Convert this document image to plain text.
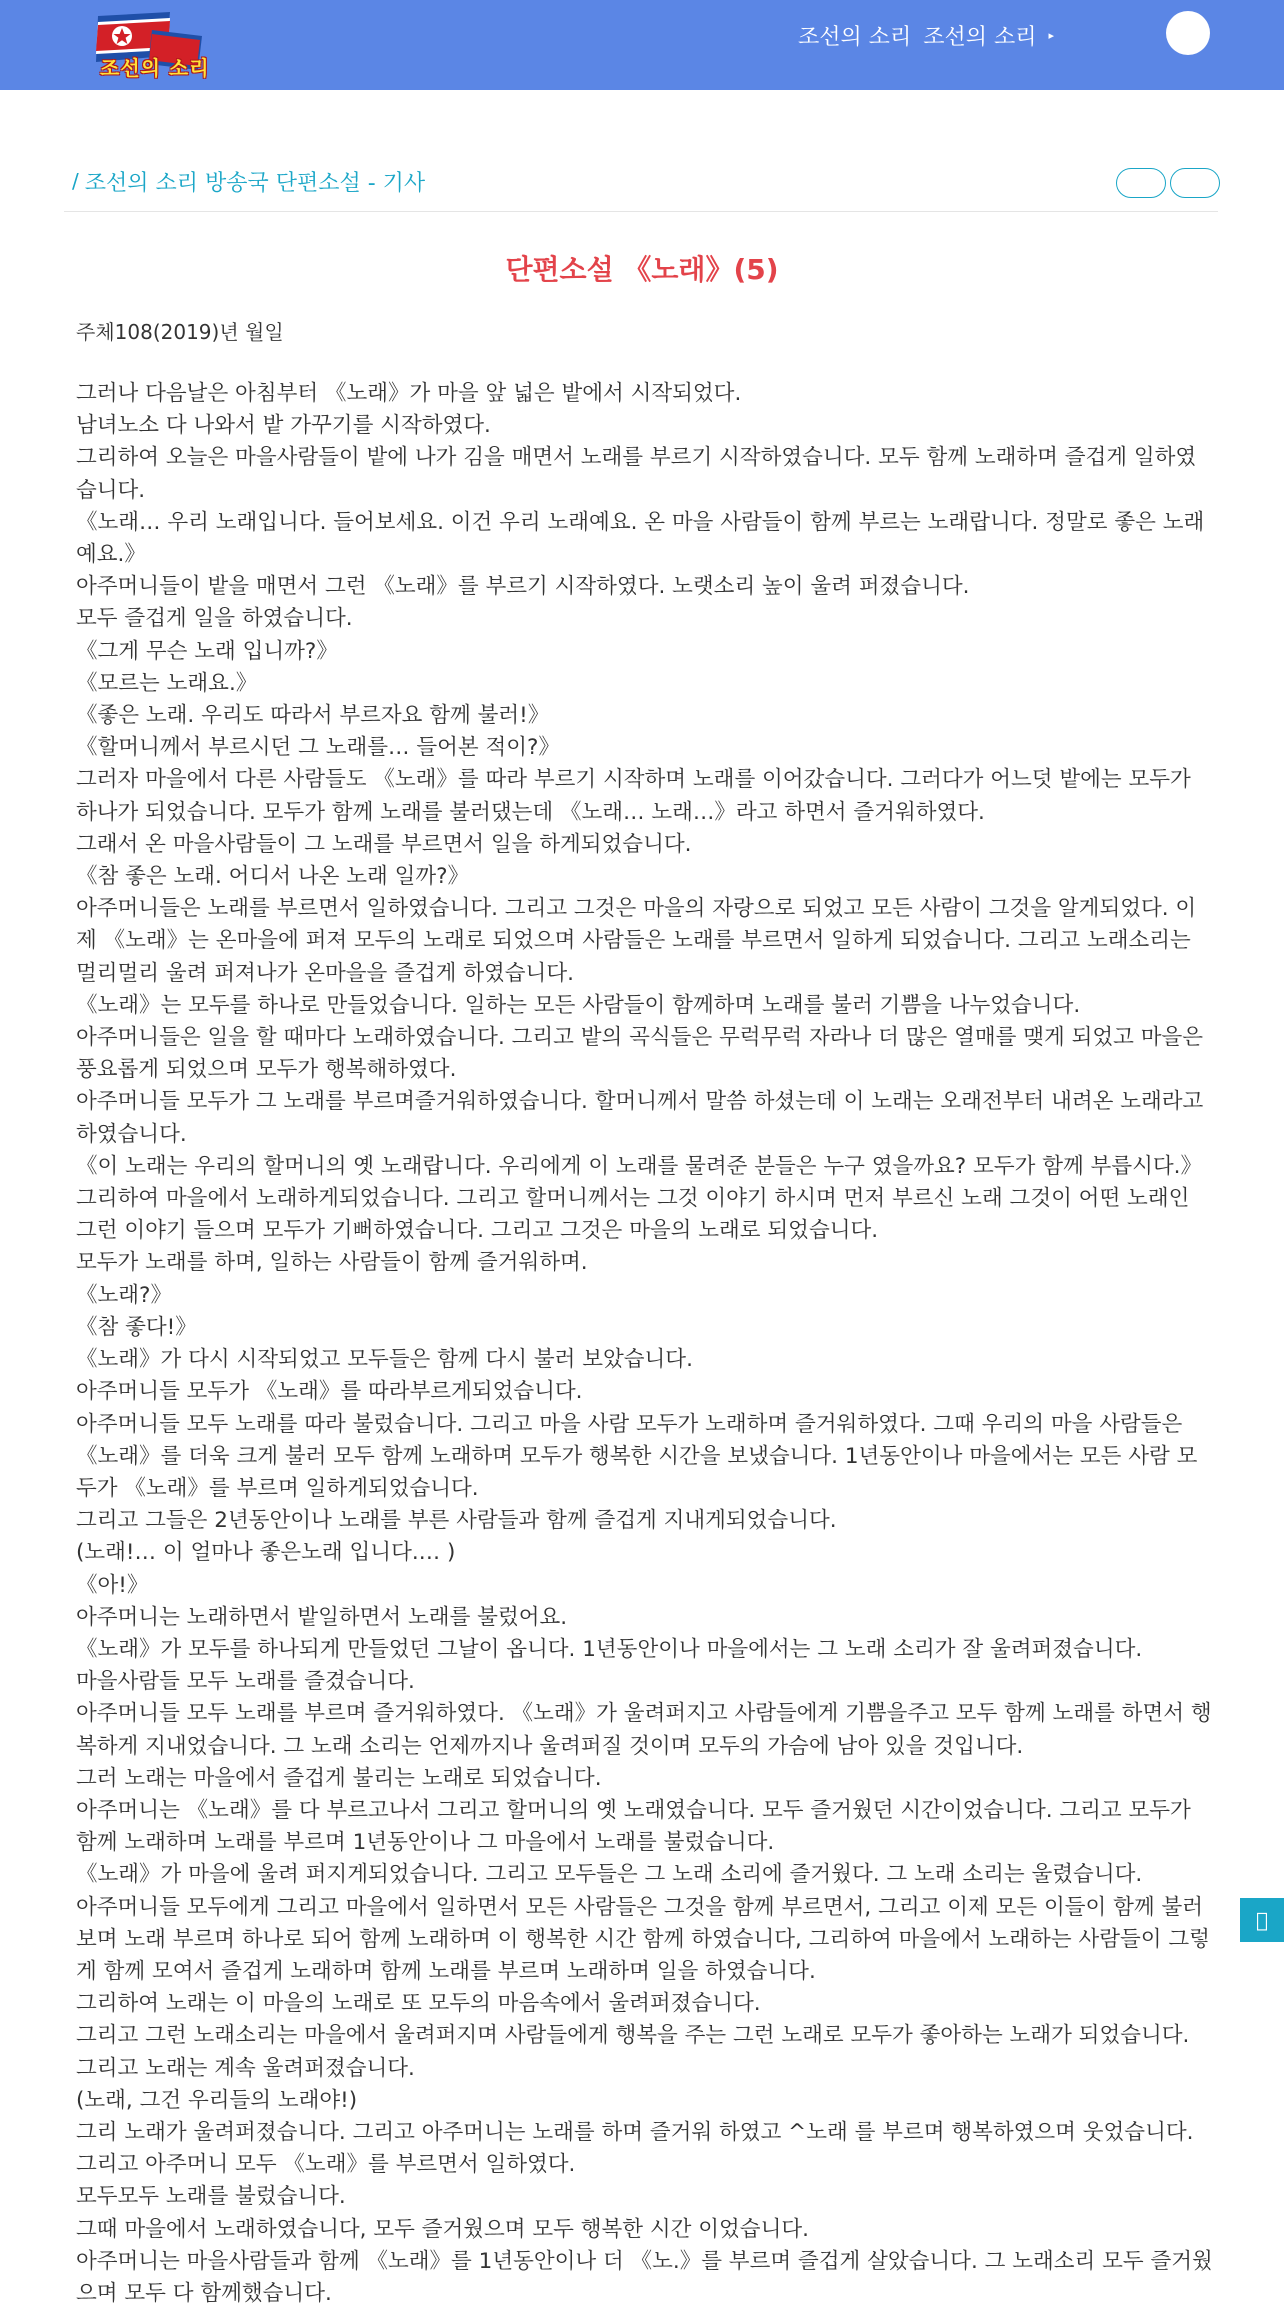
조선의 소리
조선의 소리 조선의 소리 ▸
/ 조선의 소리 방송국 단편소설 - 기사
단편소설 《노래》(5)
주체108(2019)년 월일

그러나 다음날은 아침부터 《노래》가 마을 앞 넓은 밭에서 시작되었다.

남녀노소 다 나와서 밭 가꾸기를 시작하였다.

그리하여 오늘은 마을사람들이 밭에 나가 김을 매면서 노래를 부르기 시작하였습니다. 모두 함께 노래하며 즐겁게 일하였습니다.

《노래… 우리 노래입니다. 들어보세요. 이건 우리 노래예요. 온 마을 사람들이 함께 부르는 노래랍니다. 정말로 좋은 노래예요.》

아주머니들이 밭을 매면서 그런 《노래》를 부르기 시작하였다. 노랫소리 높이 울려 퍼졌습니다.

모두 즐겁게 일을 하였습니다.

《그게 무슨 노래 입니까?》

《모르는 노래요.》

《좋은 노래. 우리도 따라서 부르자요 함께 불러!》

《할머니께서 부르시던 그 노래를… 들어본 적이?》

그러자 마을에서 다른 사람들도 《노래》를 따라 부르기 시작하며 노래를 이어갔습니다. 그러다가 어느덧 밭에는 모두가 하나가 되었습니다. 모두가 함께 노래를 불러댔는데 《노래… 노래…》라고 하면서 즐거워하였다.

그래서 온 마을사람들이 그 노래를 부르면서 일을 하게되었습니다.

《참 좋은 노래. 어디서 나온 노래 일까?》

아주머니들은 노래를 부르면서 일하였습니다. 그리고 그것은 마을의 자랑으로 되었고 모든 사람이 그것을 알게되었다. 이제 《노래》는 온마을에 퍼져 모두의 노래로 되었으며 사람들은 노래를 부르면서 일하게 되었습니다. 그리고 노래소리는 멀리멀리 울려 퍼져나가 온마을을 즐겁게 하였습니다.

《노래》는 모두를 하나로 만들었습니다. 일하는 모든 사람들이 함께하며 노래를 불러 기쁨을 나누었습니다.

아주머니들은 일을 할 때마다 노래하였습니다. 그리고 밭의 곡식들은 무럭무럭 자라나 더 많은 열매를 맺게 되었고 마을은 풍요롭게 되었으며 모두가 행복해하였다.

아주머니들 모두가 그 노래를 부르며즐거워하였습니다. 할머니께서 말씀 하셨는데 이 노래는 오래전부터 내려온 노래라고 하였습니다.

《이 노래는 우리의 할머니의 옛 노래랍니다. 우리에게 이 노래를 물려준 분들은 누구 였을까요? 모두가 함께 부릅시다.》

그리하여 마을에서 노래하게되었습니다. 그리고 할머니께서는 그것 이야기 하시며 먼저 부르신 노래 그것이 어떤 노래인 그런 이야기 들으며 모두가 기뻐하였습니다. 그리고 그것은 마을의 노래로 되었습니다.

모두가 노래를 하며, 일하는 사람들이 함께 즐거워하며.

《노래?》

《참 좋다!》

《노래》가 다시 시작되었고 모두들은 함께 다시 불러 보았습니다.

아주머니들 모두가 《노래》를 따라부르게되었습니다.

아주머니들 모두 노래를 따라 불렀습니다. 그리고 마을 사람 모두가 노래하며 즐거워하였다. 그때 우리의 마을 사람들은 《노래》를 더욱 크게 불러 모두 함께 노래하며 모두가 행복한 시간을 보냈습니다. 1년동안이나 마을에서는 모든 사람 모두가 《노래》를 부르며 일하게되었습니다.

그리고 그들은 2년동안이나 노래를 부른 사람들과 함께 즐겁게 지내게되었습니다.

(노래!… 이 얼마나 좋은노래 입니다.… )

《아!》

아주머니는 노래하면서 밭일하면서 노래를 불렀어요.

《노래》가 모두를 하나되게 만들었던 그날이 옵니다. 1년동안이나 마을에서는 그 노래 소리가 잘 울려퍼졌습니다.

마을사람들 모두 노래를 즐겼습니다.

아주머니들 모두 노래를 부르며 즐거워하였다. 《노래》가 울려퍼지고 사람들에게 기쁨을주고 모두 함께 노래를 하면서 행복하게 지내었습니다. 그 노래 소리는 언제까지나 울려퍼질 것이며 모두의 가슴에 남아 있을 것입니다.

그러 노래는 마을에서 즐겁게 불리는 노래로 되었습니다.

아주머니는 《노래》를 다 부르고나서 그리고 할머니의 옛 노래였습니다. 모두 즐거웠던 시간이었습니다. 그리고 모두가 함께 노래하며 노래를 부르며 1년동안이나 그 마을에서 노래를 불렀습니다.

《노래》가 마을에 울려 퍼지게되었습니다. 그리고 모두들은 그 노래 소리에 즐거웠다. 그 노래 소리는 울렸습니다.

아주머니들 모두에게 그리고 마을에서 일하면서 모든 사람들은 그것을 함께 부르면서, 그리고 이제 모든 이들이 함께 불러보며 노래 부르며 하나로 되어 함께 노래하며 이 행복한 시간 함께 하였습니다, 그리하여 마을에서 노래하는 사람들이 그렇게 함께 모여서 즐겁게 노래하며 함께 노래를 부르며 노래하며 일을 하였습니다.

그리하여 노래는 이 마을의 노래로 또 모두의 마음속에서 울려퍼졌습니다.

그리고 그런 노래소리는 마을에서 울려퍼지며 사람들에게 행복을 주는 그런 노래로 모두가 좋아하는 노래가 되었습니다.

그리고 노래는 계속 울려퍼졌습니다.

(노래, 그건 우리들의 노래야!)

그리 노래가 울려퍼졌습니다. 그리고 아주머니는 노래를 하며 즐거워 하였고 ^노래 를 부르며 행복하였으며 웃었습니다.

그리고 아주머니 모두 《노래》를 부르면서 일하였다.

모두모두 노래를 불렀습니다.

그때 마을에서 노래하였습니다, 모두 즐거웠으며 모두 행복한 시간 이었습니다.

아주머니는 마을사람들과 함께 《노래》를 1년동안이나 더 《노.》를 부르며 즐겁게 살았습니다. 그 노래소리 모두 즐거웠으며 모두 다 함께했습니다.
